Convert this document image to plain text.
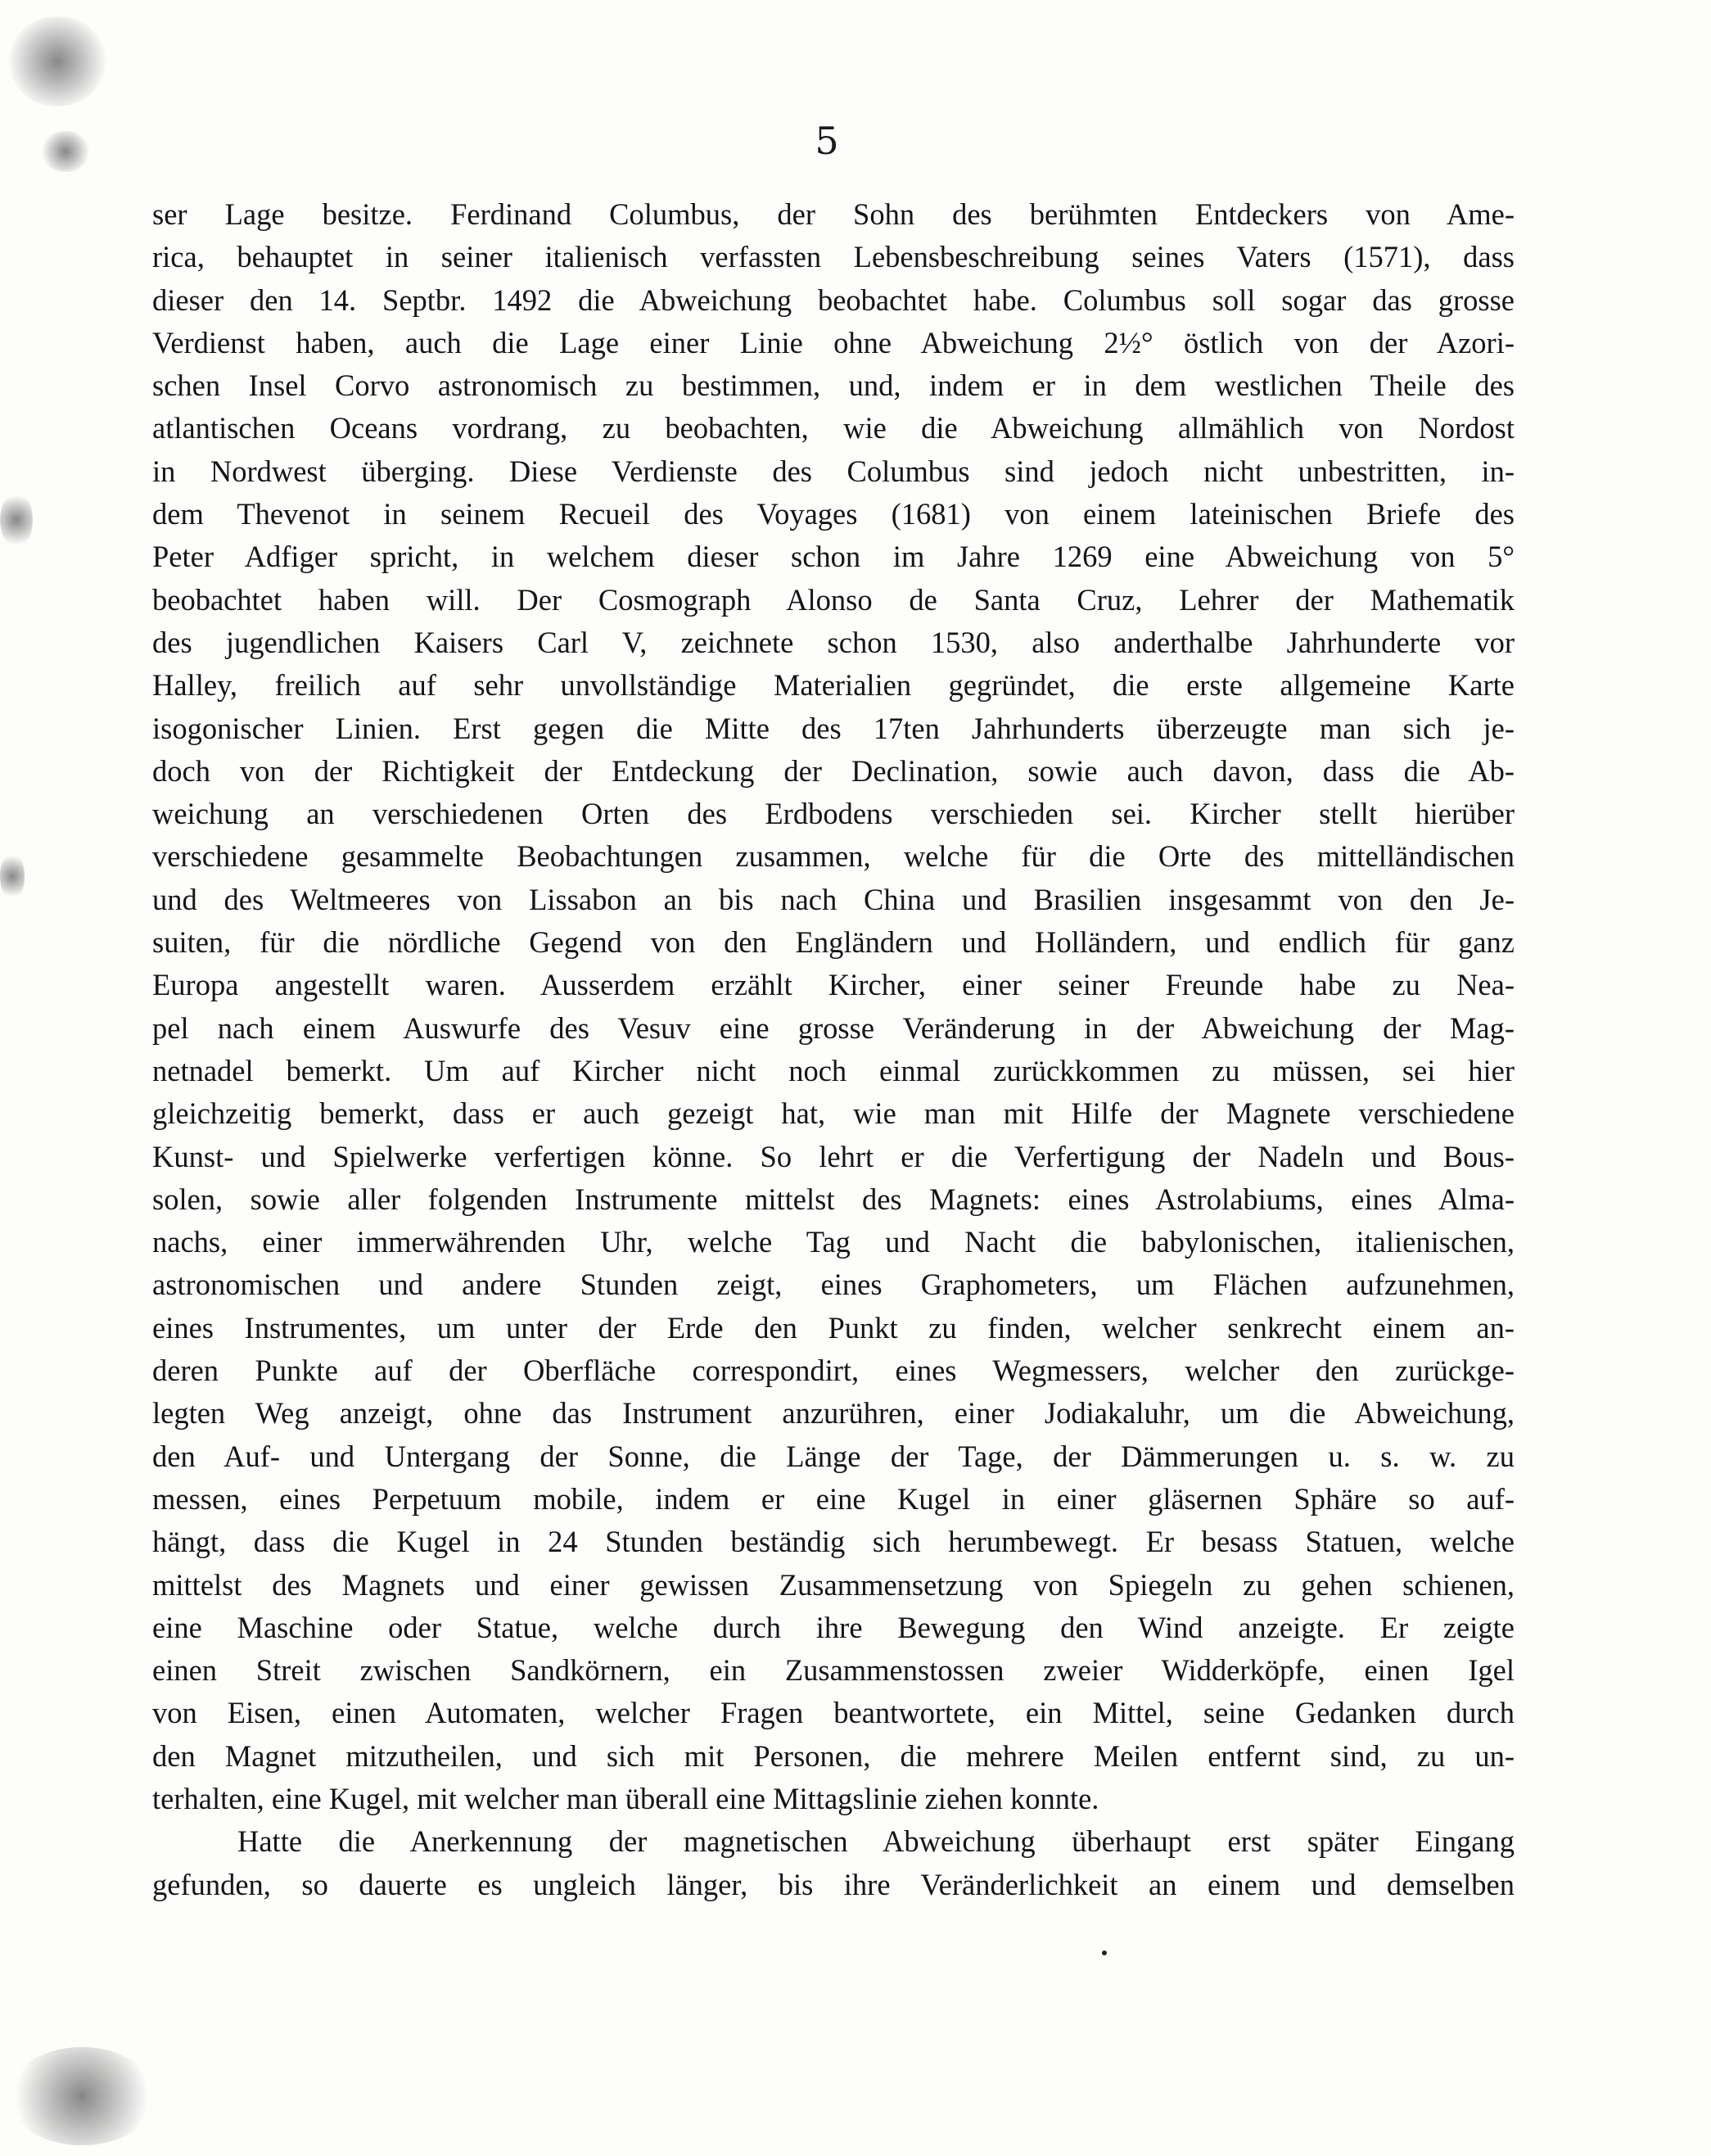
5
ser Lage besitze. Ferdinand Columbus, der Sohn des berühmten Entdeckers von Ame-
rica, behauptet in seiner italienisch verfassten Lebensbeschreibung seines Vaters (1571), dass
dieser den 14. Septbr. 1492 die Abweichung beobachtet habe. Columbus soll sogar das grosse
Verdienst haben, auch die Lage einer Linie ohne Abweichung 2½° östlich von der Azori-
schen Insel Corvo astronomisch zu bestimmen, und, indem er in dem westlichen Theile des
atlantischen Oceans vordrang, zu beobachten, wie die Abweichung allmählich von Nordost
in Nordwest überging. Diese Verdienste des Columbus sind jedoch nicht unbestritten, in-
dem Thevenot in seinem Recueil des Voyages (1681) von einem lateinischen Briefe des
Peter Adfiger spricht, in welchem dieser schon im Jahre 1269 eine Abweichung von 5°
beobachtet haben will. Der Cosmograph Alonso de Santa Cruz, Lehrer der Mathematik
des jugendlichen Kaisers Carl V, zeichnete schon 1530, also anderthalbe Jahrhunderte vor
Halley, freilich auf sehr unvollständige Materialien gegründet, die erste allgemeine Karte
isogonischer Linien. Erst gegen die Mitte des 17ten Jahrhunderts überzeugte man sich je-
doch von der Richtigkeit der Entdeckung der Declination, sowie auch davon, dass die Ab-
weichung an verschiedenen Orten des Erdbodens verschieden sei. Kircher stellt hierüber
verschiedene gesammelte Beobachtungen zusammen, welche für die Orte des mittelländischen
und des Weltmeeres von Lissabon an bis nach China und Brasilien insgesammt von den Je-
suiten, für die nördliche Gegend von den Engländern und Holländern, und endlich für ganz
Europa angestellt waren. Ausserdem erzählt Kircher, einer seiner Freunde habe zu Nea-
pel nach einem Auswurfe des Vesuv eine grosse Veränderung in der Abweichung der Mag-
netnadel bemerkt. Um auf Kircher nicht noch einmal zurückkommen zu müssen, sei hier
gleichzeitig bemerkt, dass er auch gezeigt hat, wie man mit Hilfe der Magnete verschiedene
Kunst- und Spielwerke verfertigen könne. So lehrt er die Verfertigung der Nadeln und Bous-
solen, sowie aller folgenden Instrumente mittelst des Magnets: eines Astrolabiums, eines Alma-
nachs, einer immerwährenden Uhr, welche Tag und Nacht die babylonischen, italienischen,
astronomischen und andere Stunden zeigt, eines Graphometers, um Flächen aufzunehmen,
eines Instrumentes, um unter der Erde den Punkt zu finden, welcher senkrecht einem an-
deren Punkte auf der Oberfläche correspondirt, eines Wegmessers, welcher den zurückge-
legten Weg anzeigt, ohne das Instrument anzurühren, einer Jodiakaluhr, um die Abweichung,
den Auf- und Untergang der Sonne, die Länge der Tage, der Dämmerungen u. s. w. zu
messen, eines Perpetuum mobile, indem er eine Kugel in einer gläsernen Sphäre so auf-
hängt, dass die Kugel in 24 Stunden beständig sich herumbewegt. Er besass Statuen, welche
mittelst des Magnets und einer gewissen Zusammensetzung von Spiegeln zu gehen schienen,
eine Maschine oder Statue, welche durch ihre Bewegung den Wind anzeigte. Er zeigte
einen Streit zwischen Sandkörnern, ein Zusammenstossen zweier Widderköpfe, einen Igel
von Eisen, einen Automaten, welcher Fragen beantwortete, ein Mittel, seine Gedanken durch
den Magnet mitzutheilen, und sich mit Personen, die mehrere Meilen entfernt sind, zu un-
terhalten, eine Kugel, mit welcher man überall eine Mittagslinie ziehen konnte.
Hatte die Anerkennung der magnetischen Abweichung überhaupt erst später Eingang
gefunden, so dauerte es ungleich länger, bis ihre Veränderlichkeit an einem und demselben
